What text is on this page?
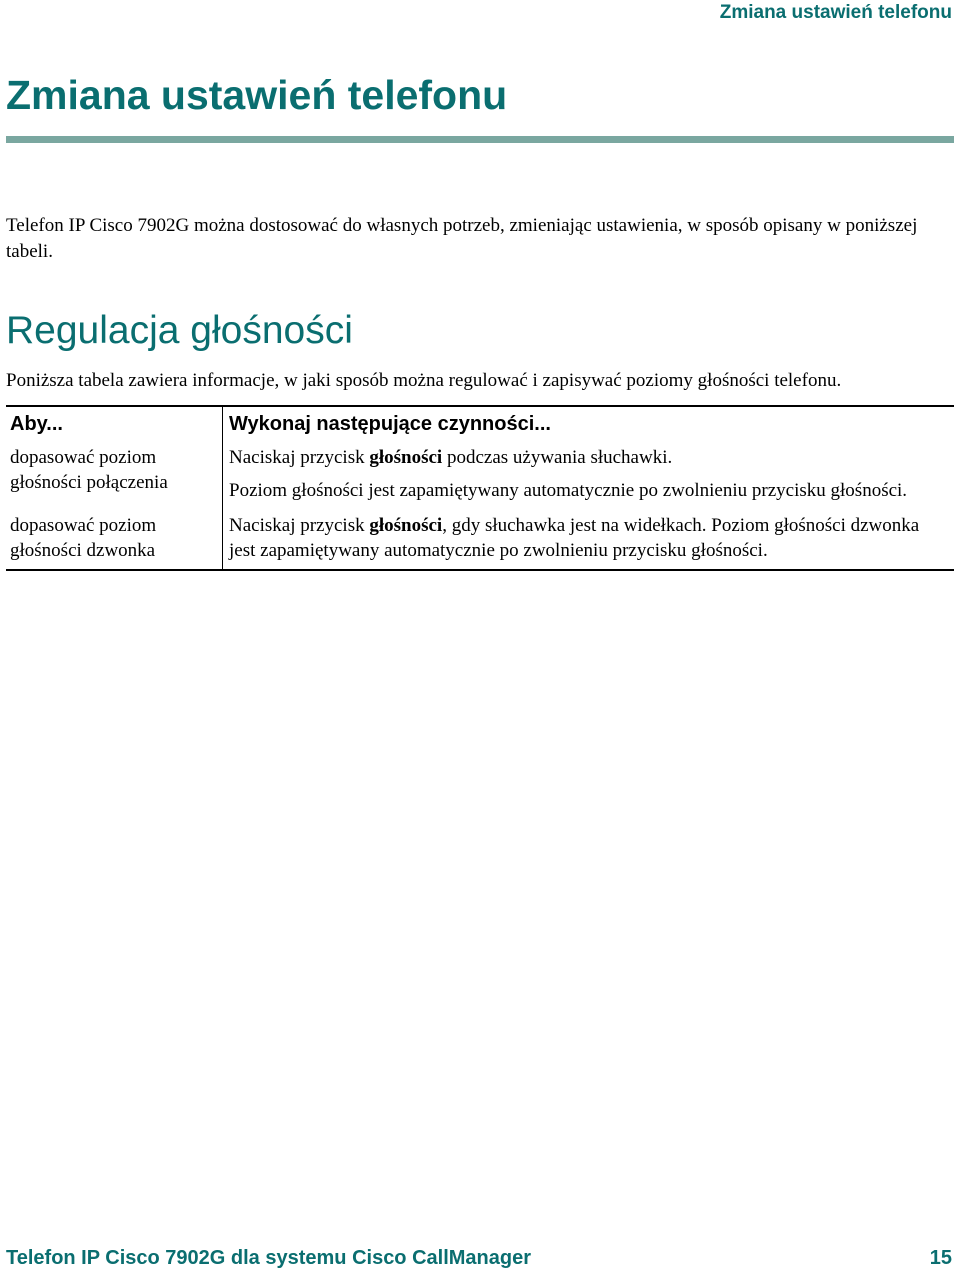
Zmiana ustawień telefonu
Zmiana ustawień telefonu

Telefon IP Cisco 7902G można dostosować do własnych potrzeb, zmieniając ustawienia, w sposób opisany w poniższej tabeli.

Regulacja głośności

Poniższa tabela zawiera informacje, w jaki sposób można regulować i zapisywać poziomy głośności telefonu.

Aby...	Wykonaj następujące czynności...
dopasować poziom głośności połączenia	Naciskaj przycisk głośności podczas używania słuchawki.

Poziom głośności jest zapamiętywany automatycznie po zwolnieniu przycisku głośności.

dopasować poziom głośności dzwonka	Naciskaj przycisk głośności, gdy słuchawka jest na widełkach. Poziom głośności dzwonka jest zapamiętywany automatycznie po zwolnieniu przycisku głośności.

Telefon IP Cisco 7902G dla systemu Cisco CallManager	15
